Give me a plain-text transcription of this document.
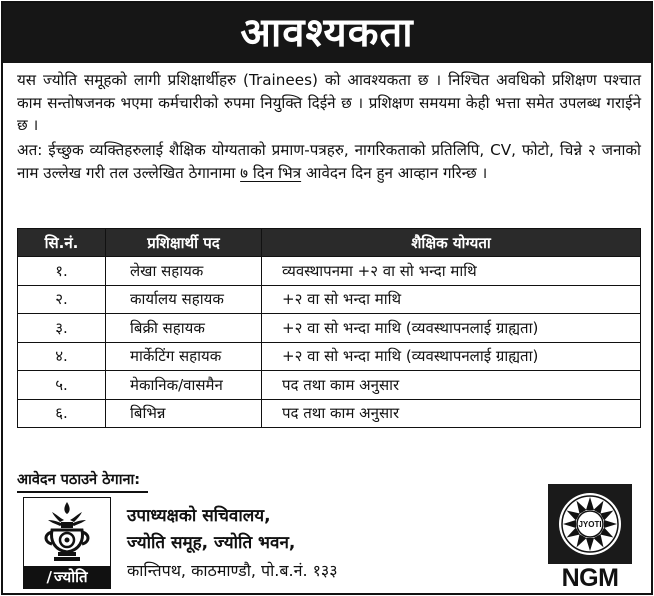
आवश्यकता

यस ज्योति समूहको लागी प्रशिक्षार्थीहरु (Trainees) को आवश्यकता छ । निश्चित अवधिको प्रशिक्षण पश्चात काम सन्तोषजनक भएमा कर्मचारीको रुपमा नियुक्ति दिईने छ । प्रशिक्षण समयमा केही भत्ता समेत उपलब्ध गराईने छ ।

अत: ईच्छुक व्यक्तिहरुलाई शैक्षिक योग्यताको प्रमाण-पत्रहरु, नागरिकताको प्रतिलिपि, CV, फोटो, चिन्ने २ जनाको नाम उल्लेख गरी तल उल्लेखित ठेगानामा ७ दिन भित्र आवेदन दिन हुन आव्हान गरिन्छ ।

सि.नं.	प्रशिक्षार्थी पद	शैक्षिक योग्यता
१.	लेखा सहायक	व्यवस्थापनमा +२ वा सो भन्दा माथि
२.	कार्यालय सहायक	+२ वा सो भन्दा माथि
३.	बिक्री सहायक	+२ वा सो भन्दा माथि (व्यवस्थापनलाई ग्राह्यता)
४.	मार्केटिंग सहायक	+२ वा सो भन्दा माथि (व्यवस्थापनलाई ग्राह्यता)
५.	मेकानिक/वासमैन	पद तथा काम अनुसार
६.	बिभिन्न	पद तथा काम अनुसार
आवेदन पठाउने ठेगाना:
∕ ज्योति
उपाध्यक्षको सचिवालय,
ज्योति समूह, ज्योति भवन,
कान्तिपथ, काठमाण्डौ, पो.ब.नं. १३३
JYOTI
NGM
